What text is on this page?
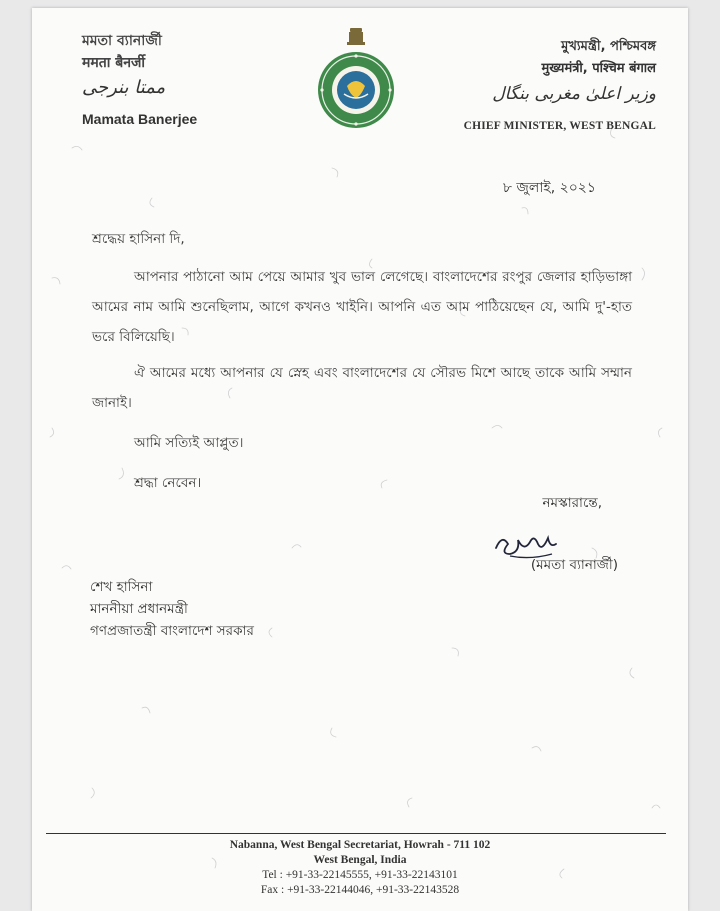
মমতা ব্যানার্জী
ममता बैनर्जी
ممتا بنرجی
Mamata Banerjee
মুখ্যমন্ত্রী, পশ্চিমবঙ্গ
मुख्यमंत्री, पश्चिम बंगाल
وزیر اعلیٰ مغربی بنگال
CHIEF MINISTER, WEST BENGAL
৮ জুলাই, ২০২১
শ্রদ্ধেয় হাসিনা দি,
আপনার পাঠানো আম পেয়ে আমার খুব ভাল লেগেছে। বাংলাদেশের রংপুর জেলার হাড়িভাঙ্গা আমের নাম আমি শুনেছিলাম, আগে কখনও খাইনি। আপনি এত আম পাঠিয়েছেন যে, আমি দু'-হাত ভরে বিলিয়েছি।
ঐ আমের মধ্যে আপনার যে স্নেহ এবং বাংলাদেশের যে সৌরভ মিশে আছে তাকে আমি সম্মান জানাই।
আমি সত্যিই আপ্লুত।
শ্রদ্ধা নেবেন।
নমস্কারান্তে,
(মমতা ব্যানার্জী)
শেখ হাসিনা
মাননীয়া প্রধানমন্ত্রী
গণপ্রজাতন্ত্রী বাংলাদেশ সরকার
Nabanna, West Bengal Secretariat, Howrah - 711 102
West Bengal, India
Tel : +91-33-22145555, +91-33-22143101
Fax : +91-33-22144046, +91-33-22143528
